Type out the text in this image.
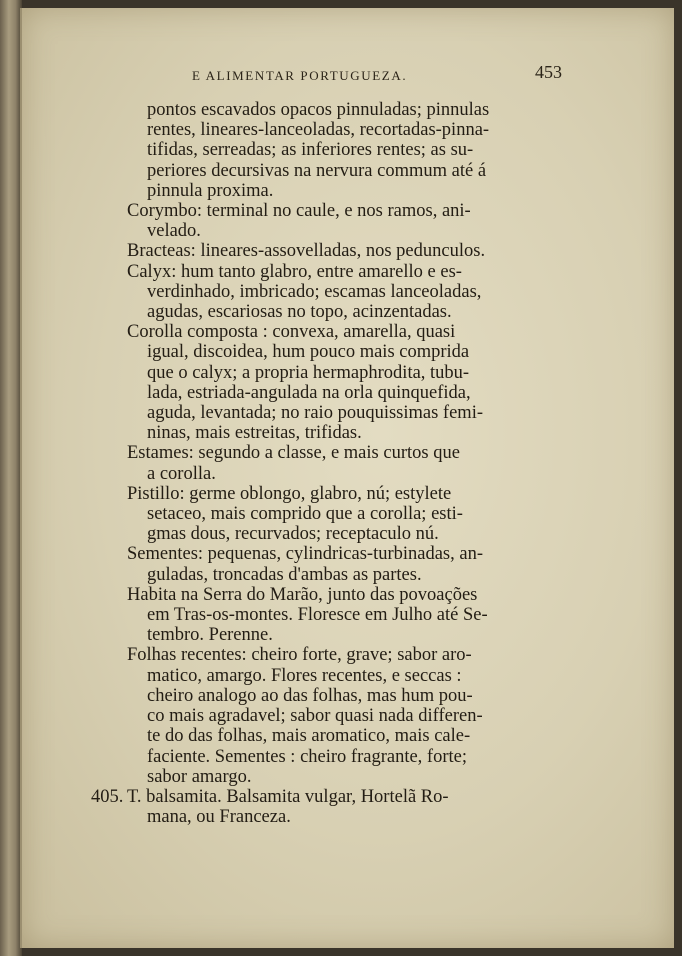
E ALIMENTAR PORTUGUEZA.	453

pontos escavados opacos pinnuladas; pinnulas
rentes, lineares-lanceoladas, recortadas-pinna-
tifidas, serreadas; as inferiores rentes; as su-
periores decursivas na nervura commum até á
pinnula proxima.

Corymbo: terminal no caule, e nos ramos, ani-
velado.

Bracteas: lineares-assovelladas, nos pedunculos.

Calyx: hum tanto glabro, entre amarello e es-
verdinhado, imbricado; escamas lanceoladas,
agudas, escariosas no topo, acinzentadas.

Corolla composta : convexa, amarella, quasi
igual, discoidea, hum pouco mais comprida
que o calyx; a propria hermaphrodita, tubu-
lada, estriada-angulada na orla quinquefida,
aguda, levantada; no raio pouquissimas femi-
ninas, mais estreitas, trifidas.

Estames: segundo a classe, e mais curtos que
a corolla.

Pistillo: germe oblongo, glabro, nú; estylete
setaceo, mais comprido que a corolla; esti-
gmas dous, recurvados; receptaculo nú.

Sementes: pequenas, cylindricas-turbinadas, an-
guladas, troncadas d'ambas as partes.

Habita na Serra do Marão, junto das povoações
em Tras-os-montes. Floresce em Julho até Se-
tembro. Perenne.

Folhas recentes: cheiro forte, grave; sabor aro-
matico, amargo. Flores recentes, e seccas :
cheiro analogo ao das folhas, mas hum pou-
co mais agradavel; sabor quasi nada differen-
te do das folhas, mais aromatico, mais cale-
faciente. Sementes : cheiro fragrante, forte;
sabor amargo.

405. T. balsamita. Balsamita vulgar, Hortelã Ro-
mana, ou Franceza.
